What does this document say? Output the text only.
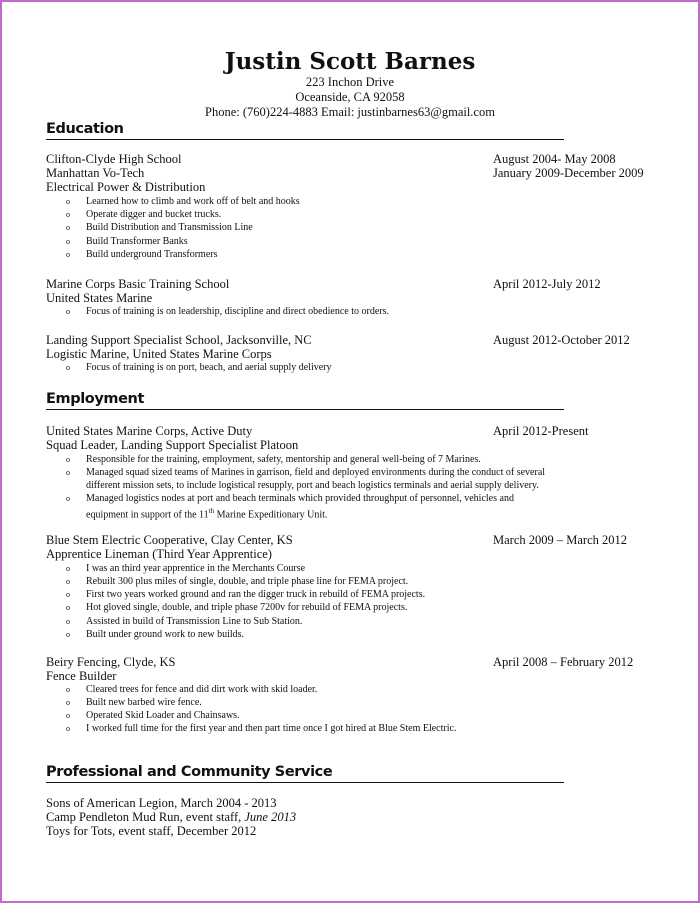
Justin Scott Barnes
223 Inchon Drive
Oceanside, CA 92058
Phone: (760)224-4883 Email: justinbarnes63@gmail.com
Education
Clifton-Clyde High School	August 2004- May 2008
Manhattan Vo-Tech	January 2009-December 2009
Electrical Power & Distribution
o Learned how to climb and work off of belt and hooks
o Operate digger and bucket trucks.
o Build Distribution and Transmission Line
o Build Transformer Banks
o Build underground Transformers
Marine Corps Basic Training School	April 2012-July 2012
United States Marine
o Focus of training is on leadership, discipline and direct obedience to orders.
Landing Support Specialist School, Jacksonville, NC	August 2012-October 2012
Logistic Marine, United States Marine Corps
o Focus of training is on port, beach, and aerial supply delivery
Employment
United States Marine Corps, Active Duty	April 2012-Present
Squad Leader, Landing Support Specialist Platoon
o Responsible for the training, employment, safety, mentorship and general well-being of 7 Marines.
o Managed squad sized teams of Marines in garrison, field and deployed environments during the conduct of several
different mission sets, to include logistical resupply, port and beach logistics terminals and aerial supply delivery.
o Managed logistics nodes at port and beach terminals which provided throughput of personnel, vehicles and
equipment in support of the 11th Marine Expeditionary Unit.
Blue Stem Electric Cooperative, Clay Center, KS	March 2009 – March 2012
Apprentice Lineman (Third Year Apprentice)
o I was an third year apprentice in the Merchants Course
o Rebuilt 300 plus miles of single, double, and triple phase line for FEMA project.
o First two years worked ground and ran the digger truck in rebuild of FEMA projects.
o Hot gloved single, double, and triple phase 7200v for rebuild of FEMA projects.
o Assisted in build of Transmission Line to Sub Station.
o Built under ground work to new builds.
Beiry Fencing, Clyde, KS	April 2008 – February 2012
Fence Builder
o Cleared trees for fence and did dirt work with skid loader.
o Built new barbed wire fence.
o Operated Skid Loader and Chainsaws.
o I worked full time for the first year and then part time once I got hired at Blue Stem Electric.
Professional and Community Service
Sons of American Legion, March 2004 - 2013
Camp Pendleton Mud Run, event staff, June 2013
Toys for Tots, event staff, December 2012
